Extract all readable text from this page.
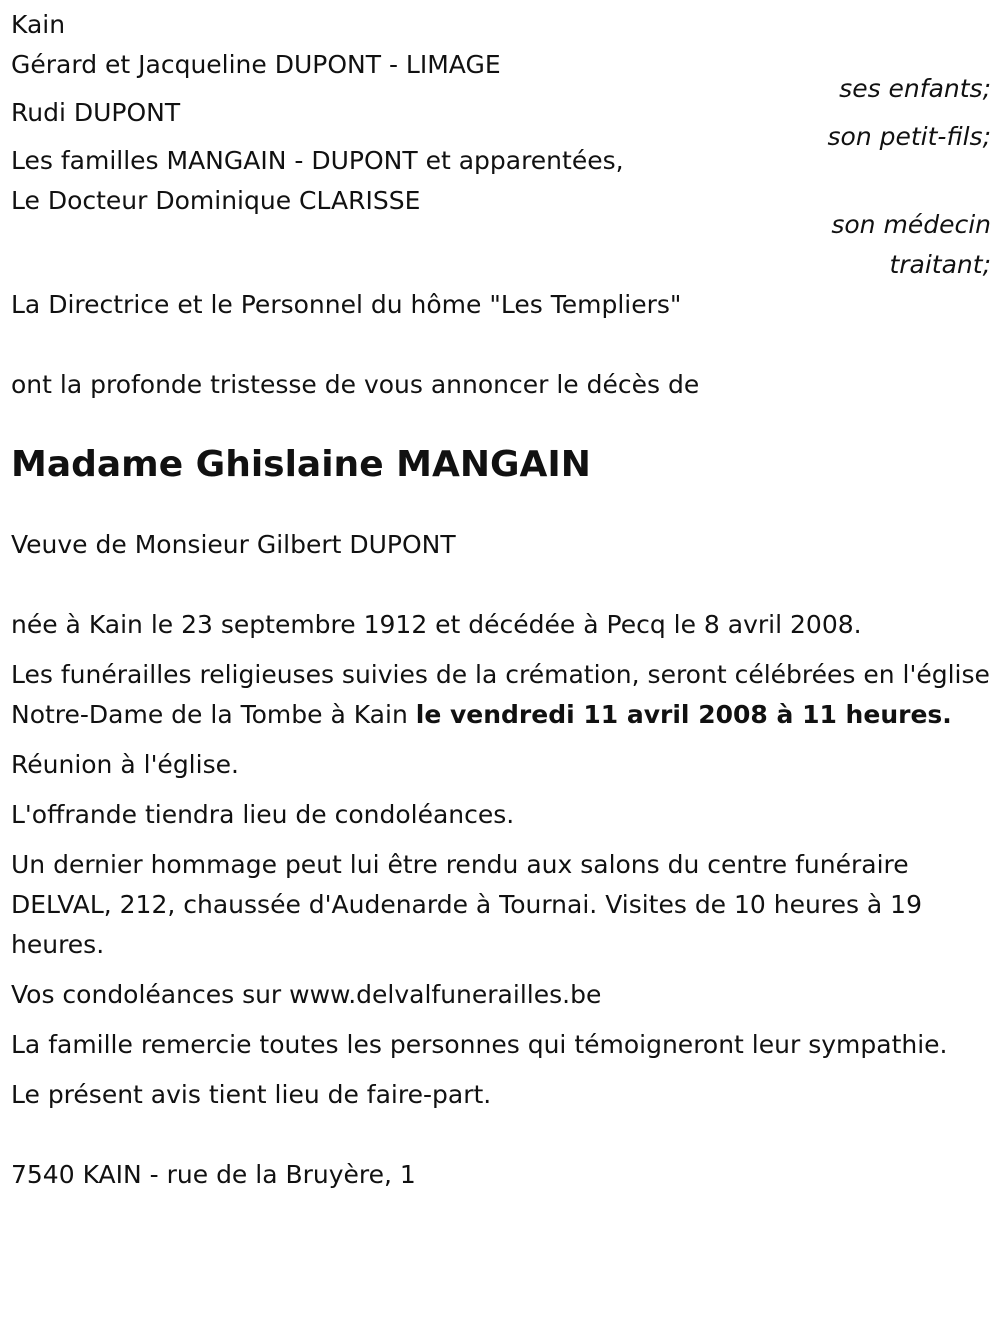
Kain
Gérard et Jacqueline DUPONT - LIMAGE
ses enfants;
Rudi DUPONT
son petit-fils;
Les familles MANGAIN - DUPONT et apparentées,
Le Docteur Dominique CLARISSE
son médecin
traitant;
La Directrice et le Personnel du hôme "Les Templiers"
ont la profonde tristesse de vous annoncer le décès de
Madame Ghislaine MANGAIN
Veuve de Monsieur Gilbert DUPONT
née à Kain le 23 septembre 1912 et décédée à Pecq le 8 avril 2008.

Les funérailles religieuses suivies de la crémation, seront célébrées en l'église Notre-Dame de la Tombe à Kain le vendredi 11 avril 2008 à 11 heures.

Réunion à l'église.

L'offrande tiendra lieu de condoléances.

Un dernier hommage peut lui être rendu aux salons du centre funéraire DELVAL, 212, chaussée d'Audenarde à Tournai. Visites de 10 heures à 19 heures.

Vos condoléances sur www.delvalfunerailles.be

La famille remercie toutes les personnes qui témoigneront leur sympathie.

Le présent avis tient lieu de faire-part.

7540 KAIN - rue de la Bruyère, 1
